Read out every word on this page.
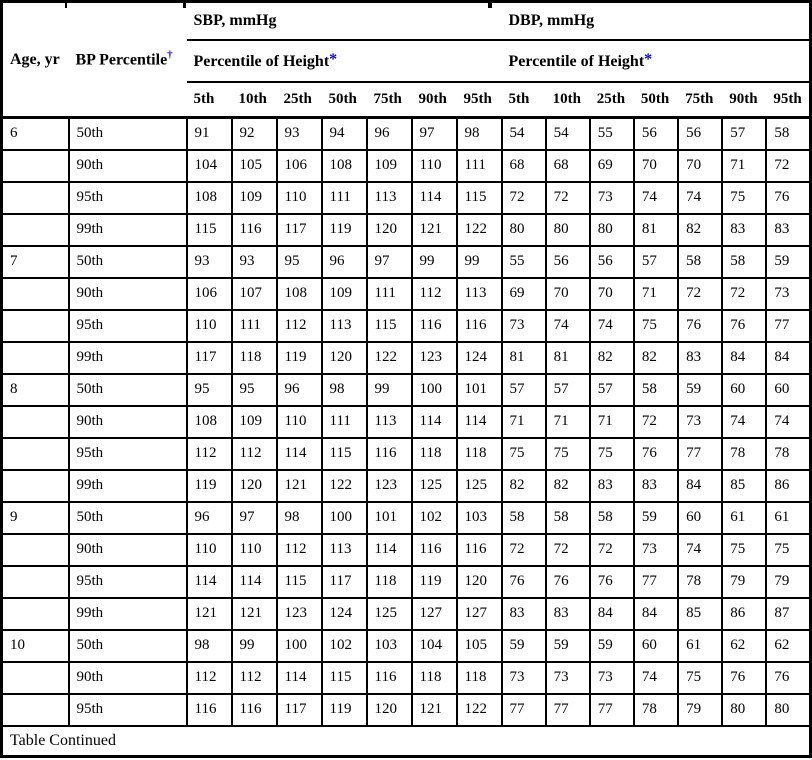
Age, yr	BP Percentile†	SBP, mmHg							DBP, mmHg						
		Percentile of Height*							Percentile of Height*						
		5th	10th	25th	50th	75th	90th	95th	5th	10th	25th	50th	75th	90th	95th
6	50th	91	92	93	94	96	97	98	54	54	55	56	56	57	58
	90th	104	105	106	108	109	110	111	68	68	69	70	70	71	72
	95th	108	109	110	111	113	114	115	72	72	73	74	74	75	76
	99th	115	116	117	119	120	121	122	80	80	80	81	82	83	83
7	50th	93	93	95	96	97	99	99	55	56	56	57	58	58	59
	90th	106	107	108	109	111	112	113	69	70	70	71	72	72	73
	95th	110	111	112	113	115	116	116	73	74	74	75	76	76	77
	99th	117	118	119	120	122	123	124	81	81	82	82	83	84	84
8	50th	95	95	96	98	99	100	101	57	57	57	58	59	60	60
	90th	108	109	110	111	113	114	114	71	71	71	72	73	74	74
	95th	112	112	114	115	116	118	118	75	75	75	76	77	78	78
	99th	119	120	121	122	123	125	125	82	82	83	83	84	85	86
9	50th	96	97	98	100	101	102	103	58	58	58	59	60	61	61
	90th	110	110	112	113	114	116	116	72	72	72	73	74	75	75
	95th	114	114	115	117	118	119	120	76	76	76	77	78	79	79
	99th	121	121	123	124	125	127	127	83	83	84	84	85	86	87
10	50th	98	99	100	102	103	104	105	59	59	59	60	61	62	62
	90th	112	112	114	115	116	118	118	73	73	73	74	75	76	76
	95th	116	116	117	119	120	121	122	77	77	77	78	79	80	80
Table Continued															
